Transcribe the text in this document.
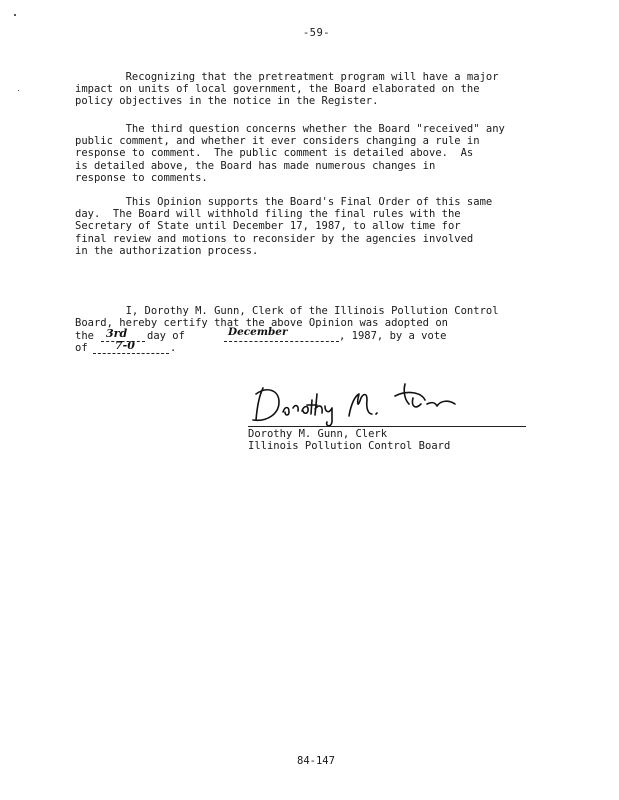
-59-
Recognizing that the pretreatment program will have a major
impact on units of local government, the Board elaborated on the
policy objectives in the notice in the Register.
The third question concerns whether the Board "received" any
public comment, and whether it ever considers changing a rule in
response to comment.  The public comment is detailed above.  As
is detailed above, the Board has made numerous changes in
response to comments.
This Opinion supports the Board's Final Order of this same
day.  The Board will withhold filing the final rules with the
Secretary of State until December 17, 1987, to allow time for
final review and motions to reconsider by the agencies involved
in the authorization process.
I, Dorothy M. Gunn, Clerk of the Illinois Pollution Control
Board, hereby certify that the above Opinion was adopted on
the 3rd day of	December	, 1987, by a vote
of 7-0	.
Dorothy M. Gunn, Clerk
Illinois Pollution Control Board
84-147
